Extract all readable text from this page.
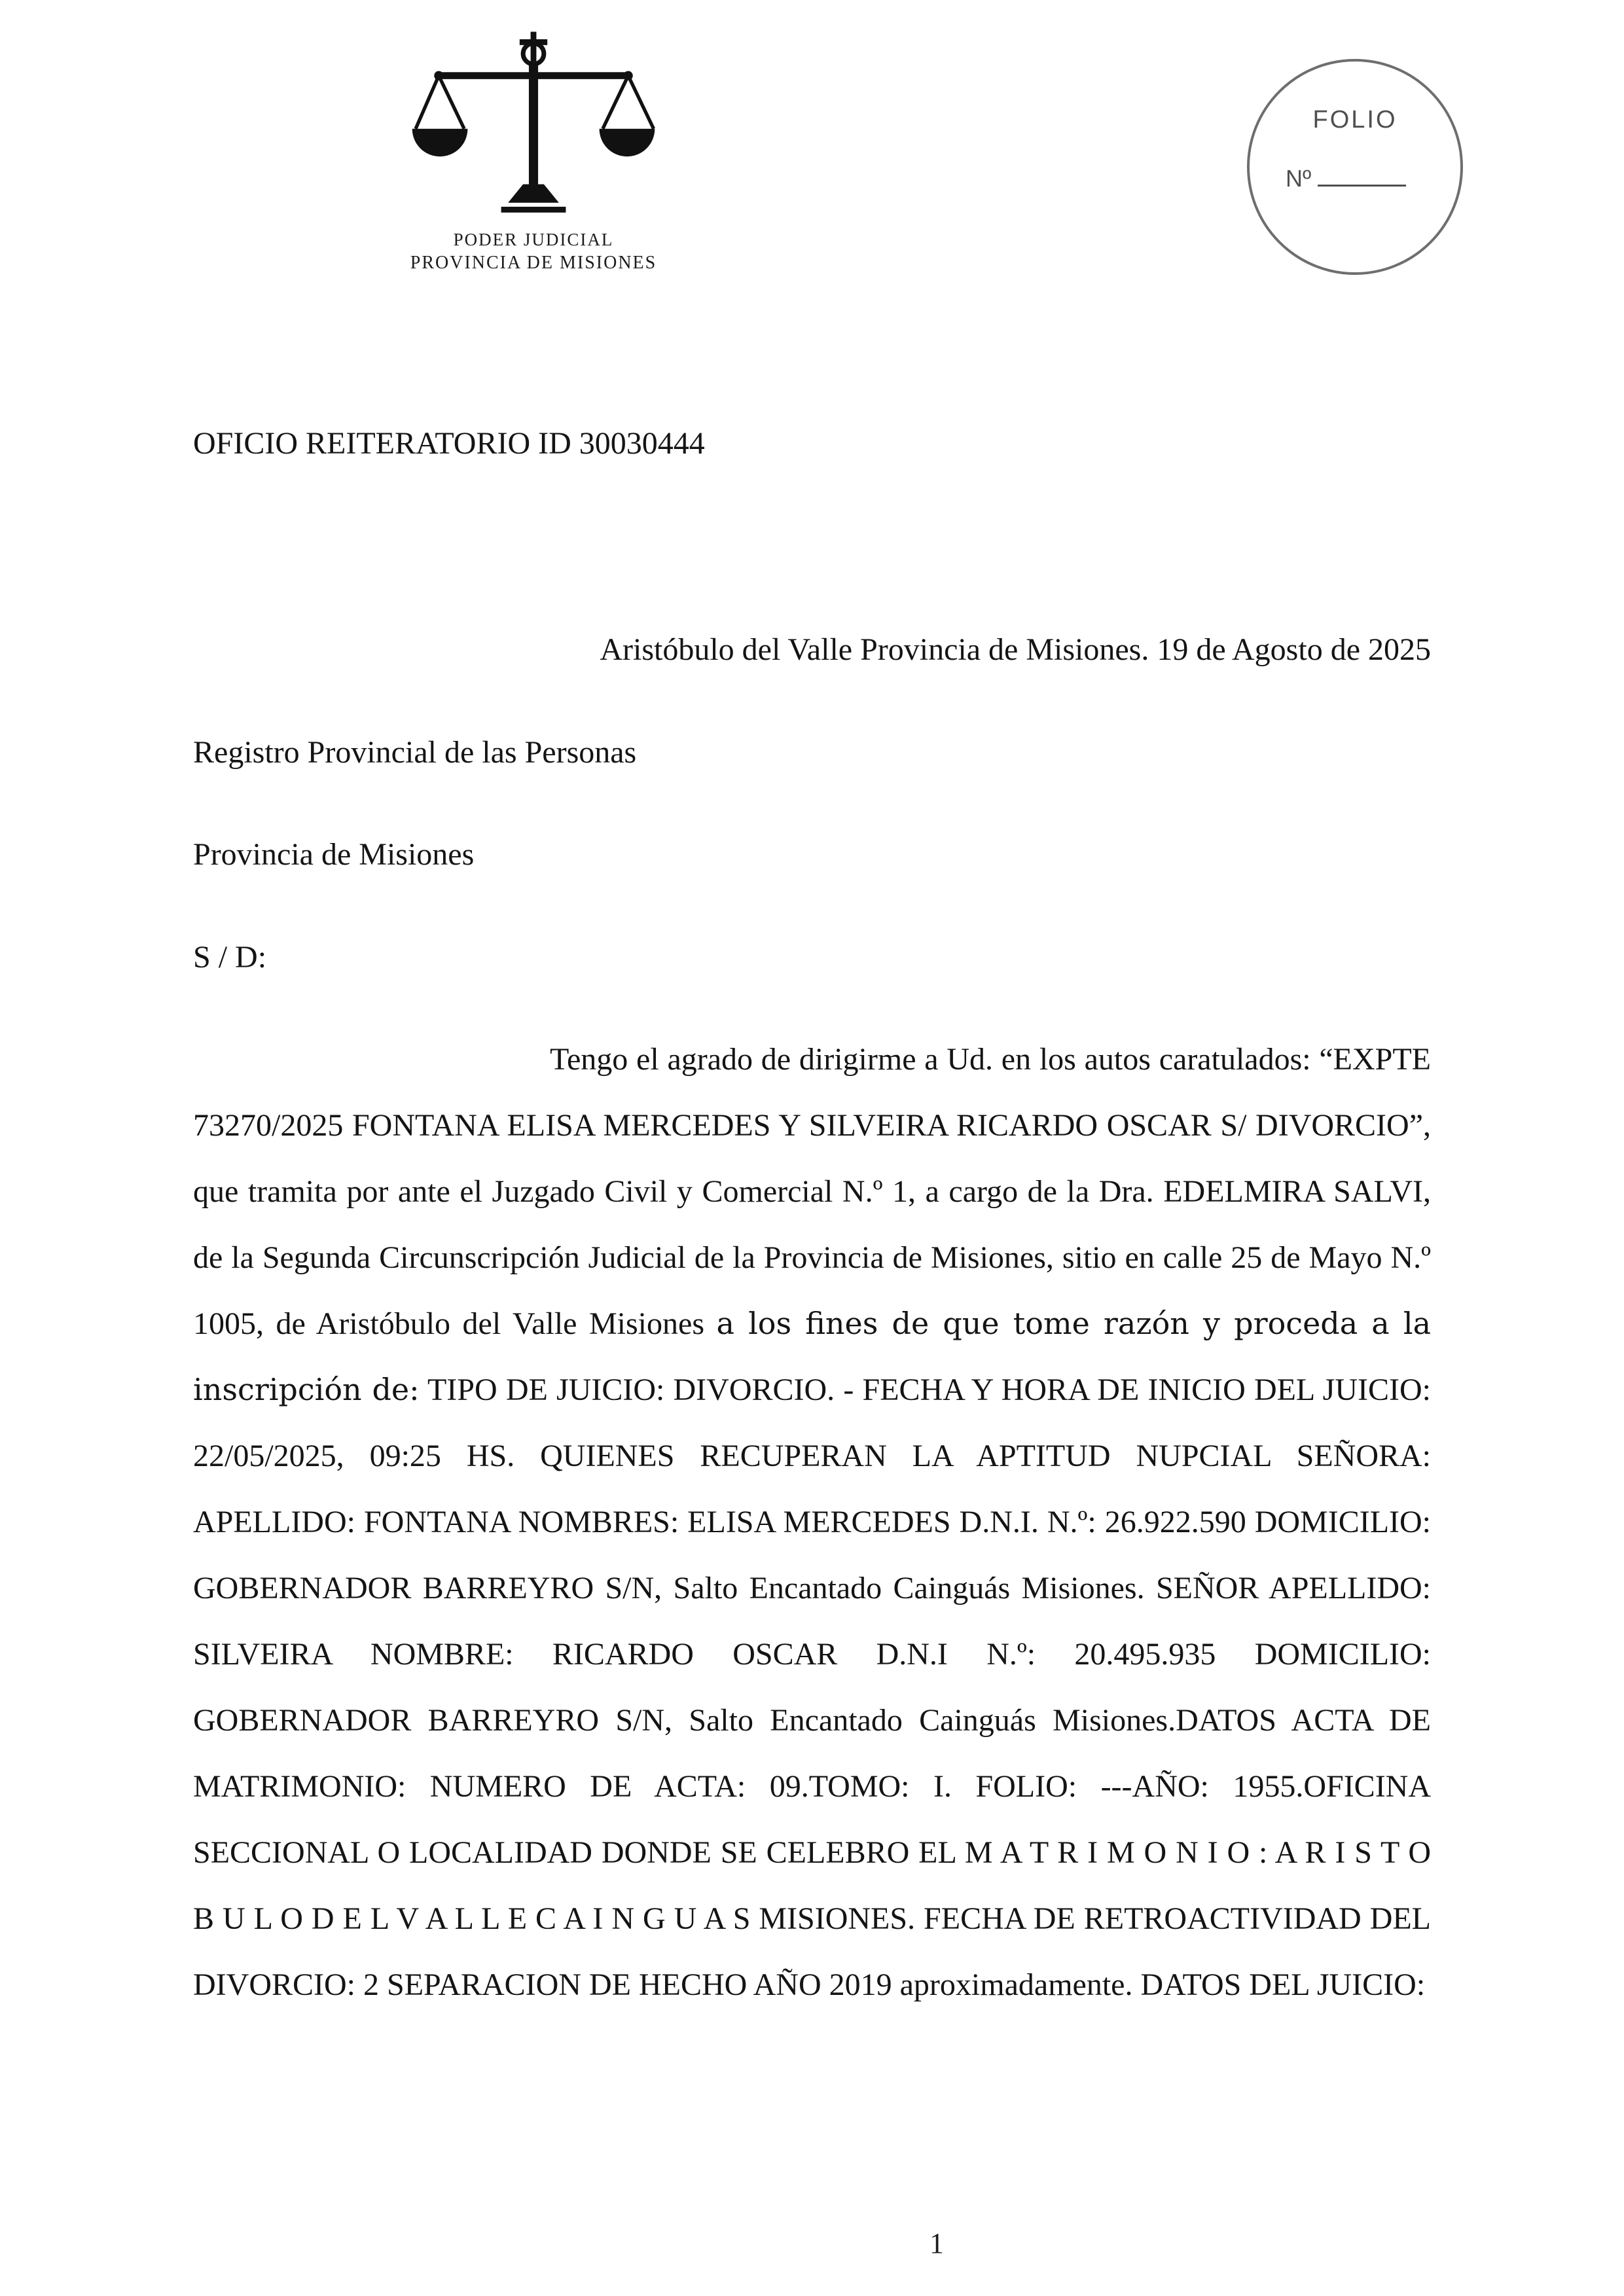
PODER JUDICIAL
PROVINCIA DE MISIONES
FOLIO
Nº

OFICIO REITERATORIO ID 30030444

Aristóbulo del Valle Provincia de Misiones. 19 de Agosto de 2025

Registro Provincial de las Personas

Provincia de Misiones

S / D:

Tengo el agrado de dirigirme a Ud. en los autos caratulados: “EXPTE 73270/2025 FONTANA ELISA MERCEDES Y SILVEIRA RICARDO OSCAR S/ DIVORCIO”, que tramita por ante el Juzgado Civil y Comercial N.º 1, a cargo de la Dra. EDELMIRA SALVI, de la Segunda Circunscripción Judicial de la Provincia de Misiones, sitio en calle 25 de Mayo N.º 1005, de Aristóbulo del Valle Misiones a los fines de que tome razón y proceda a la inscripción de: TIPO DE JUICIO: DIVORCIO. - FECHA Y HORA DE INICIO DEL JUICIO: 22/05/2025, 09:25 HS. QUIENES RECUPERAN LA APTITUD NUPCIAL SEÑORA: APELLIDO: FONTANA NOMBRES: ELISA MERCEDES D.N.I. N.º: 26.922.590 DOMICILIO: GOBERNADOR BARREYRO S/N, Salto Encantado Cainguás Misiones. SEÑOR APELLIDO: SILVEIRA NOMBRE: RICARDO OSCAR D.N.I N.º: 20.495.935 DOMICILIO: GOBERNADOR BARREYRO S/N, Salto Encantado Cainguás Misiones.DATOS ACTA DE MATRIMONIO: NUMERO DE ACTA: 09.TOMO: I. FOLIO: ---AÑO: 1955.OFICINA SECCIONAL O LOCALIDAD DONDE SE CELEBRO EL M A T R I M O N I O : A R I S T O B U L O D E L V A L L E C A I N G U A S MISIONES. FECHA DE RETROACTIVIDAD DEL DIVORCIO: 2 SEPARACION DE HECHO AÑO 2019 aproximadamente. DATOS DEL JUICIO:

1
